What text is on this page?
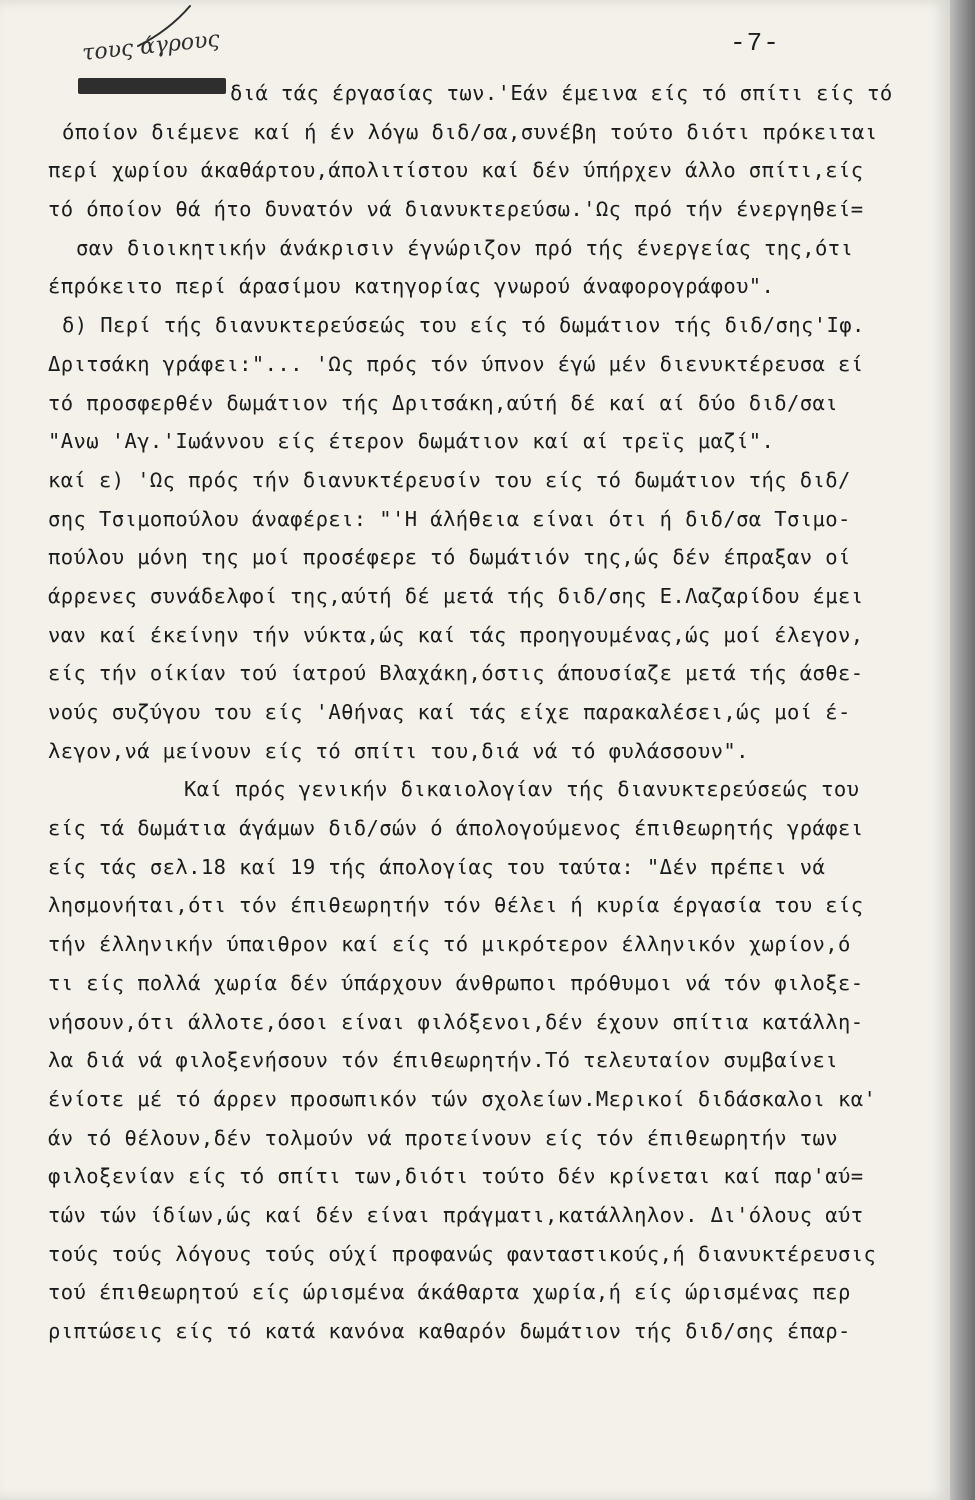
-7-
τους άγρους
διά τάς έργασίας των.'Εάν έμεινα είς τό σπίτι είς τό
όποίον διέμενε καί ή έν λόγω διδ/σα,συνέβη τούτο διότι πρόκειται
περί χωρίου άκαθάρτου,άπολιτίστου καί δέν ύπήρχεν άλλο σπίτι,είς
τό όποίον θά ήτο δυνατόν νά διανυκτερεύσω.'Ως πρό τήν ένεργηθεί=
σαν διοικητικήν άνάκρισιν έγνώριζον πρό τής ένεργείας της,ότι
έπρόκειτο περί άρασίμου κατηγορίας γνωρού άναφορογράφου".
δ) Περί τής διανυκτερεύσεώς του είς τό δωμάτιον τής διδ/σης'Ιφ.
Δριτσάκη γράφει:"... 'Ως πρός τόν ύπνον έγώ μέν διενυκτέρευσα εί
τό προσφερθέν δωμάτιον τής Δριτσάκη,αύτή δέ καί αί δύο διδ/σαι
"Ανω 'Αγ.'Ιωάννου είς έτερον δωμάτιον καί αί τρεϊς μαζί".
καί ε) 'Ως πρός τήν διανυκτέρευσίν του είς τό δωμάτιον τής διδ/
σης Τσιμοπούλου άναφέρει: "'Η άλήθεια είναι ότι ή διδ/σα Τσιμο-
πούλου μόνη της μοί προσέφερε τό δωμάτιόν της,ώς δέν έπραξαν οί
άρρενες συνάδελφοί της,αύτή δέ μετά τής διδ/σης Ε.Λαζαρίδου έμει
ναν καί έκείνην τήν νύκτα,ώς καί τάς προηγουμένας,ώς μοί έλεγον,
είς τήν οίκίαν τού ίατρού Βλαχάκη,όστις άπουσίαζε μετά τής άσθε-
νούς συζύγου του είς 'Αθήνας καί τάς είχε παρακαλέσει,ώς μοί έ-
λεγον,νά μείνουν είς τό σπίτι του,διά νά τό φυλάσσουν".
Καί πρός γενικήν δικαιολογίαν τής διανυκτερεύσεώς του
είς τά δωμάτια άγάμων διδ/σών ό άπολογούμενος έπιθεωρητής γράφει
είς τάς σελ.18 καί 19 τής άπολογίας του ταύτα: "Δέν πρέπει νά
λησμονήται,ότι τόν έπιθεωρητήν τόν θέλει ή κυρία έργασία του είς
τήν έλληνικήν ύπαιθρον καί είς τό μικρότερον έλληνικόν χωρίον,ό
τι είς πολλά χωρία δέν ύπάρχουν άνθρωποι πρόθυμοι νά τόν φιλοξε-
νήσουν,ότι άλλοτε,όσοι είναι φιλόξενοι,δέν έχουν σπίτια κατάλλη-
λα διά νά φιλοξενήσουν τόν έπιθεωρητήν.Τό τελευταίον συμβαίνει
ένίοτε μέ τό άρρεν προσωπικόν τών σχολείων.Μερικοί διδάσκαλοι κα'
άν τό θέλουν,δέν τολμούν νά προτείνουν είς τόν έπιθεωρητήν των
φιλοξενίαν είς τό σπίτι των,διότι τούτο δέν κρίνεται καί παρ'αύ=
τών τών ίδίων,ώς καί δέν είναι πράγματι,κατάλληλον. Δι'όλους αύτ
τούς τούς λόγους τούς ούχί προφανώς φανταστικούς,ή διανυκτέρευσις
τού έπιθεωρητού είς ώρισμένα άκάθαρτα χωρία,ή είς ώρισμένας περ
ριπτώσεις είς τό κατά κανόνα καθαρόν δωμάτιον τής διδ/σης έπαρ-
